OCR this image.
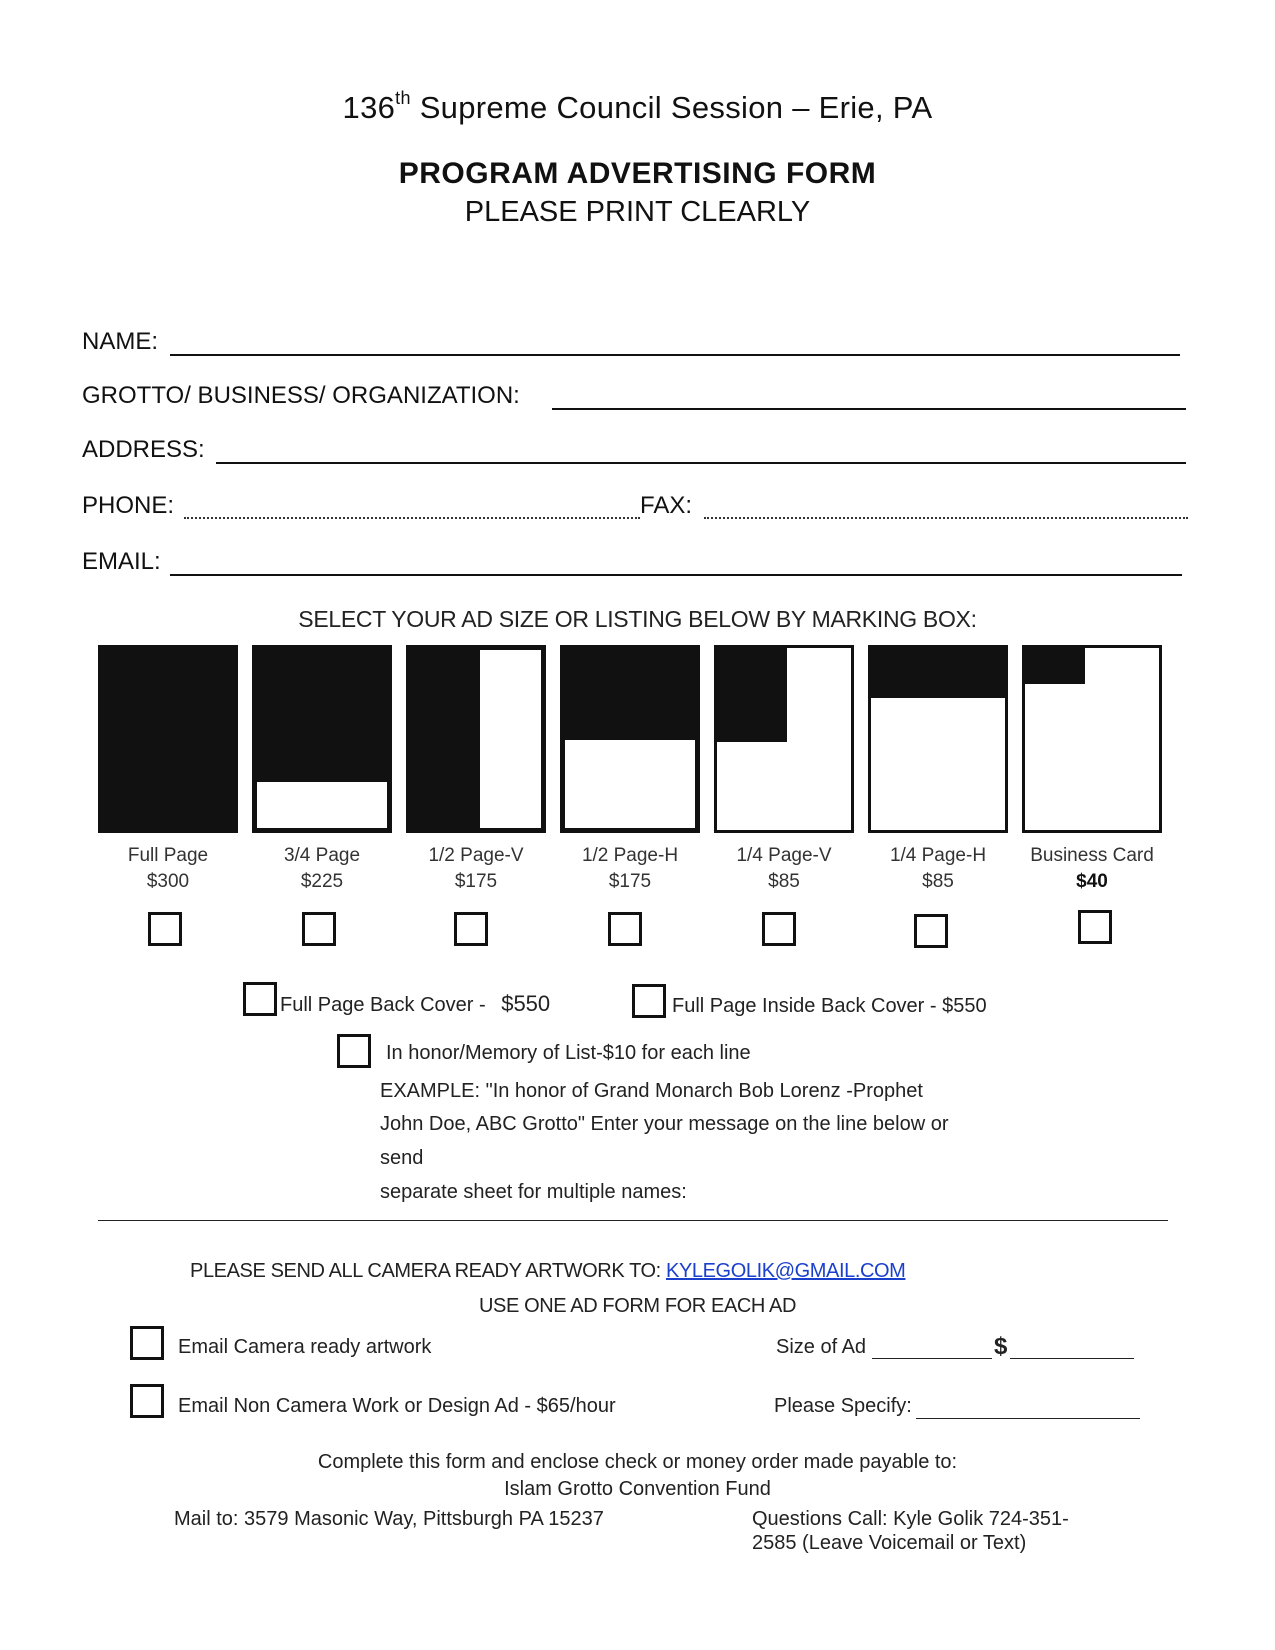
136th Supreme Council Session – Erie, PA
PROGRAM ADVERTISING FORM
PLEASE PRINT CLEARLY
NAME:
GROTTO/ BUSINESS/ ORGANIZATION:
ADDRESS:
PHONE:	FAX:
EMAIL:
SELECT YOUR AD SIZE OR LISTING BELOW BY MARKING BOX:
Full Page
$300
3/4 Page
$225
1/2 Page-V
$175
1/2 Page-H
$175
1/4 Page-V
$85
1/4 Page-H
$85
Business Card
$40
Full Page Back Cover - $550	Full Page Inside Back Cover - $550
In honor/Memory of List-$10 for each line
EXAMPLE: "In honor of Grand Monarch Bob Lorenz -Prophet
John Doe, ABC Grotto" Enter your message on the line below or
send
separate sheet for multiple names:
PLEASE SEND ALL CAMERA READY ARTWORK TO: KYLEGOLIK@GMAIL.COM
USE ONE AD FORM FOR EACH AD
Email Camera ready artwork	Size of Ad	$
Email Non Camera Work or Design Ad - $65/hour	Please Specify:
Complete this form and enclose check or money order made payable to:
Islam Grotto Convention Fund
Mail to: 3579 Masonic Way, Pittsburgh PA 15237	Questions Call: Kyle Golik 724-351-
2585 (Leave Voicemail or Text)
